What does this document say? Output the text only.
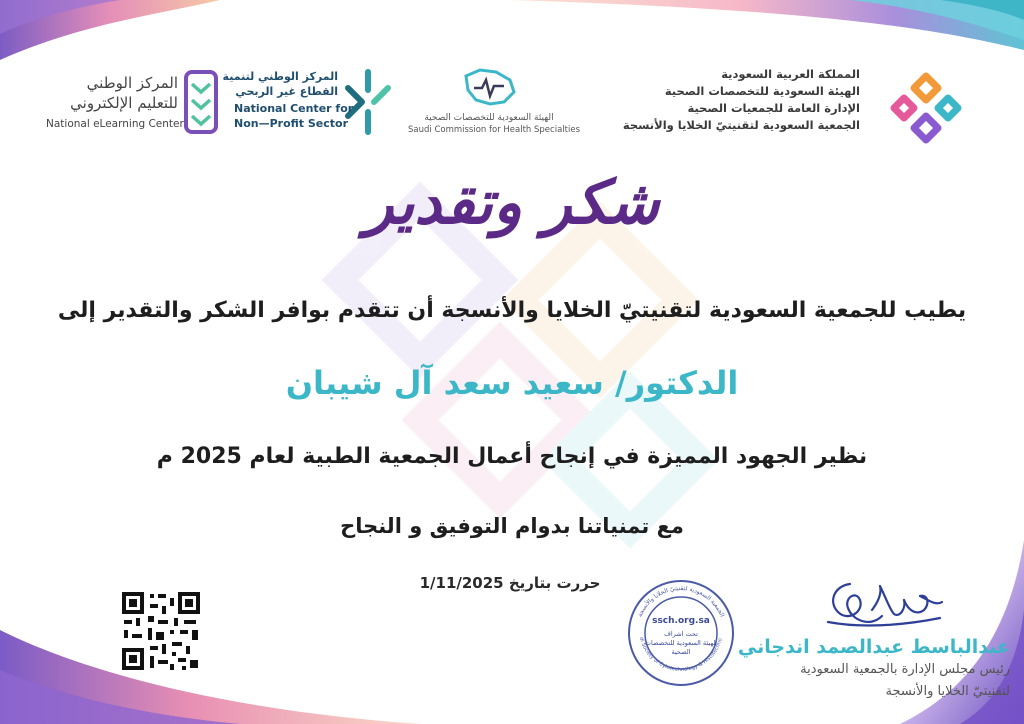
المملكة العربية السعودية
الهيئة السعودية للتخصصات الصحية
الإدارة العامة للجمعيات الصحية
الجمعية السعودية لتقنيتيّ الخلايا والأنسجة
الهيئة السعودية للتخصصات الصحية
Saudi Commission for Health Specialties
المركز الوطني لتنمية
القطاع غير الربحي
National Center for
Non—Profit Sector
المركز الوطني
للتعليم الإلكتروني
National eLearning Center
شكر وتقدير
يطيب للجمعية السعودية لتقنيتيّ الخلايا والأنسجة أن تتقدم بوافر الشكر والتقدير إلى
الدكتور/ سعيد سعد آل شيبان
نظير الجهود المميزة في إنجاح أعمال الجمعية الطبية لعام 2025 م
مع تمنياتنا بدوام التوفيق و النجاح
حررت بتاريخ 1/11/2025
الجمعية السعودية لتقنيتيّ الخلايا والأنسجة
di Society of Cytotechnology & Histotechno
ssch.org.sa
تحت اشراف
الهيئة السعودية للتخصصات
الصحية	عبدالباسط عبدالصمد اندجاني
رئيس مجلس الإدارة بالجمعية السعودية
لتقنيتيّ الخلايا والأنسجة
